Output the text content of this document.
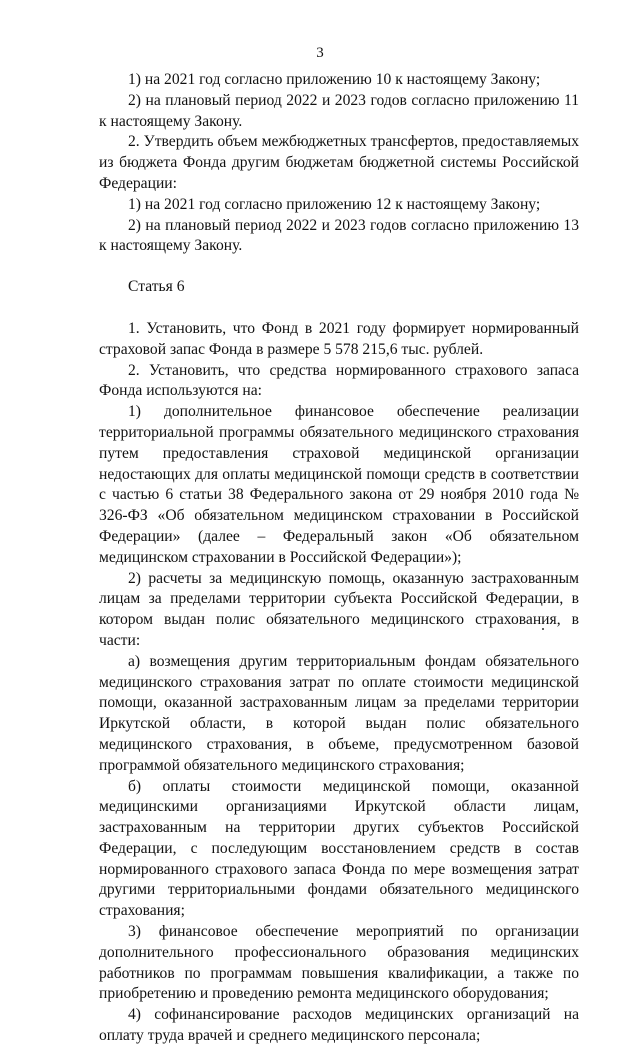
3

1) на 2021 год согласно приложению 10 к настоящему Закону;

2) на плановый период 2022 и 2023 годов согласно приложению 11 к настоящему Закону.

2. Утвердить объем межбюджетных трансфертов, предоставляемых из бюджета Фонда другим бюджетам бюджетной системы Российской Федерации:

1) на 2021 год согласно приложению 12 к настоящему Закону;

2) на плановый период 2022 и 2023 годов согласно приложению 13 к настоящему Закону.

Статья 6

1. Установить, что Фонд в 2021 году формирует нормированный страховой запас Фонда в размере 5 578 215,6 тыс. рублей.

2. Установить, что средства нормированного страхового запаса Фонда используются на:

1) дополнительное финансовое обеспечение реализации территориальной программы обязательного медицинского страхования путем предоставления страховой медицинской организации недостающих для оплаты медицинской помощи средств в соответствии с частью 6 статьи 38 Федерального закона от 29 ноября 2010 года № 326-ФЗ «Об обязательном медицинском страховании в Российской Федерации» (далее – Федеральный закон «Об обязательном медицинском страховании в Российской Федерации»);

2) расчеты за медицинскую помощь, оказанную застрахованным лицам за пределами территории субъекта Российской Федерации, в котором выдан полис обязательного медицинского страхования, в части:

а) возмещения другим территориальным фондам обязательного медицинского страхования затрат по оплате стоимости медицинской помощи, оказанной застрахованным лицам за пределами территории Иркутской области, в которой выдан полис обязательного медицинского страхования, в объеме, предусмотренном базовой программой обязательного медицинского страхования;

б) оплаты стоимости медицинской помощи, оказанной медицинскими организациями Иркутской области лицам, застрахованным на территории других субъектов Российской Федерации, с последующим восстановлением средств в состав нормированного страхового запаса Фонда по мере возмещения затрат другими территориальными фондами обязательного медицинского страхования;

3) финансовое обеспечение мероприятий по организации дополнительного профессионального образования медицинских работников по программам повышения квалификации, а также по приобретению и проведению ремонта медицинского оборудования;

4) софинансирование расходов медицинских организаций на оплату труда врачей и среднего медицинского персонала;
